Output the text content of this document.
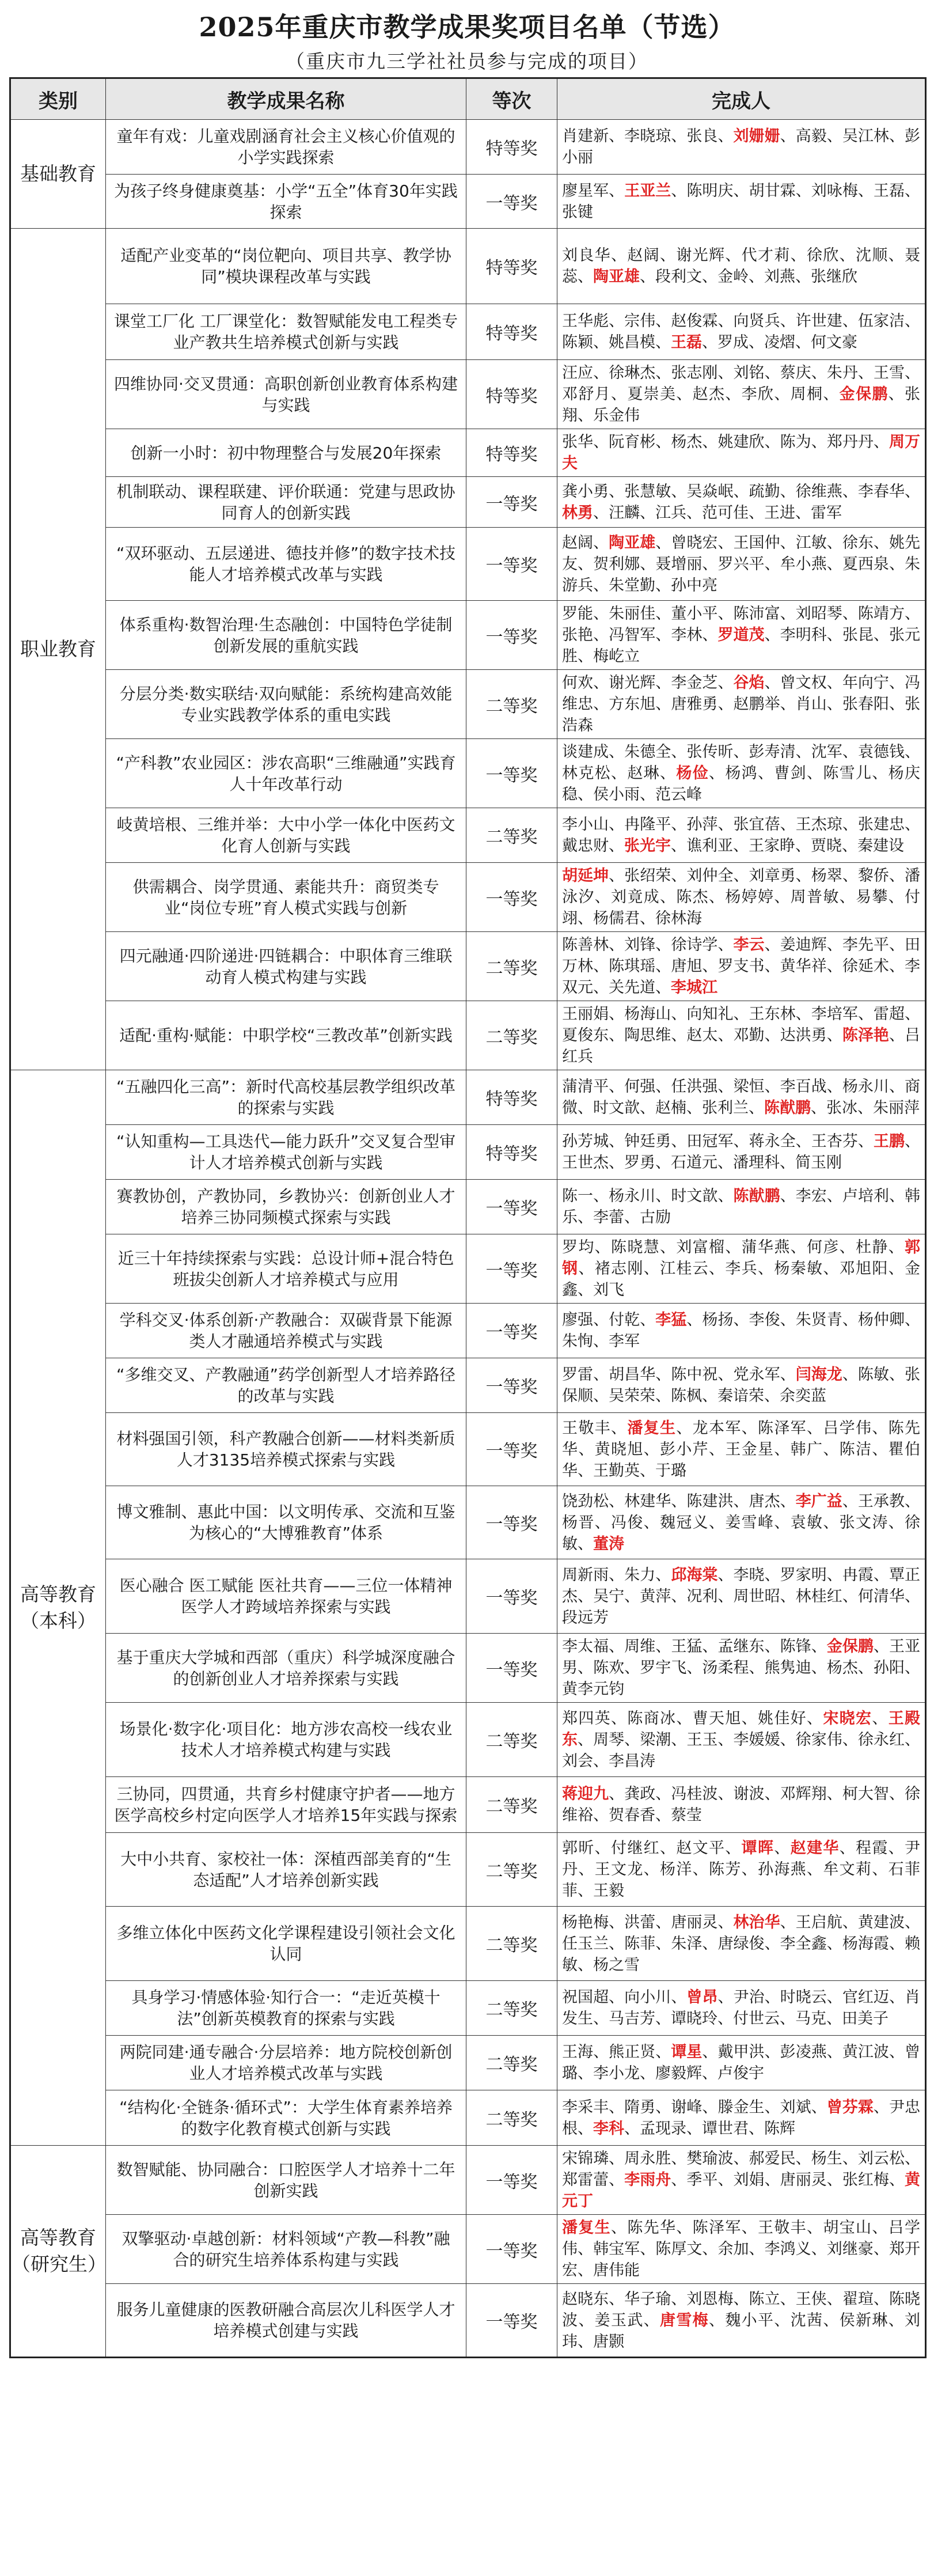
2025年重庆市教学成果奖项目名单（节选）
（重庆市九三学社社员参与完成的项目）
类别	教学成果名称	等次	完成人
基础教育	童年有戏：儿童戏剧涵育社会主义核心价值观的小学实践探索	特等奖	肖建新、李晓琼、张良、刘姗姗、高毅、吴江林、彭小丽
	为孩子终身健康奠基：小学“五全”体育30年实践探索	一等奖	廖星军、王亚兰、陈明庆、胡甘霖、刘咏梅、王磊、张键
职业教育	适配产业变革的“岗位靶向、项目共享、教学协同”模块课程改革与实践	特等奖	刘良华、赵阔、谢光辉、代才莉、徐欣、沈顺、聂蕊、陶亚雄、段利文、金岭、刘燕、张继欣
	课堂工厂化 工厂课堂化：数智赋能发电工程类专业产教共生培养模式创新与实践	特等奖	王华彪、宗伟、赵俊霖、向贤兵、许世建、伍家洁、陈颖、姚昌模、王磊、罗成、凌熠、何文豪
	四维协同·交叉贯通：高职创新创业教育体系构建与实践	特等奖	汪应、徐琳杰、张志刚、刘铭、蔡庆、朱丹、王雪、邓舒月、夏崇美、赵杰、李欣、周桐、金保鹏、张翔、乐金伟
	创新一小时：初中物理整合与发展20年探索	特等奖	张华、阮育彬、杨杰、姚建欣、陈为、郑丹丹、周万夫
	机制联动、课程联建、评价联通：党建与思政协同育人的创新实践	一等奖	龚小勇、张慧敏、吴焱岷、疏勤、徐维燕、李春华、林勇、汪麟、江兵、范可佳、王进、雷军
	“双环驱动、五层递进、德技并修”的数字技术技能人才培养模式改革与实践	一等奖	赵阔、陶亚雄、曾晓宏、王国仲、江敏、徐东、姚先友、贺利娜、聂增丽、罗兴平、牟小燕、夏西泉、朱游兵、朱堂勤、孙中亮
	体系重构·数智治理·生态融创：中国特色学徒制创新发展的重航实践	一等奖	罗能、朱丽佳、董小平、陈沛富、刘昭琴、陈靖方、张艳、冯智军、李林、罗道茂、李明科、张昆、张元胜、梅屹立
	分层分类·数实联结·双向赋能：系统构建高效能专业实践教学体系的重电实践	二等奖	何欢、谢光辉、李金芝、谷焰、曾文权、年向宁、冯维忠、方东旭、唐雅勇、赵鹏举、肖山、张春阳、张浩森
	“产科教”农业园区：涉农高职“三维融通”实践育人十年改革行动	一等奖	谈建成、朱德全、张传昕、彭寿清、沈军、袁德钱、林克松、赵琳、杨俭、杨鸿、曹剑、陈雪儿、杨庆稳、侯小雨、范云峰
	岐黄培根、三维并举：大中小学一体化中医药文化育人创新与实践	二等奖	李小山、冉隆平、孙萍、张宜蓓、王杰琼、张建忠、戴忠财、张光宇、谯利亚、王家睁、贾晓、秦建设
	供需耦合、岗学贯通、素能共升：商贸类专业“岗位专班”育人模式实践与创新	一等奖	胡延坤、张绍荣、刘仲全、刘章勇、杨翠、黎侨、潘泳汐、刘竟成、陈杰、杨婷婷、周普敏、易攀、付翊、杨儒君、徐林海
	四元融通·四阶递进·四链耦合：中职体育三维联动育人模式构建与实践	二等奖	陈善林、刘锋、徐诗学、李云、姜迪辉、李先平、田万林、陈琪瑶、唐旭、罗支书、黄华祥、徐延术、李双元、关先道、李城江
	适配·重构·赋能：中职学校“三教改革”创新实践	二等奖	王丽娟、杨海山、向知礼、王东林、李培军、雷超、夏俊东、陶思维、赵太、邓勤、达洪勇、陈泽艳、吕红兵
高等教育（本科）	“五融四化三高”：新时代高校基层教学组织改革的探索与实践	特等奖	蒲清平、何强、任洪强、梁恒、李百战、杨永川、商微、时文歆、赵楠、张利兰、陈猷鹏、张冰、朱丽萍
	“认知重构—工具迭代—能力跃升”交叉复合型审计人才培养模式创新与实践	特等奖	孙芳城、钟廷勇、田冠军、蒋永全、王杏芬、王鹏、王世杰、罗勇、石道元、潘理科、简玉刚
	赛教协创，产教协同，乡教协兴：创新创业人才培养三协同频模式探索与实践	一等奖	陈一、杨永川、时文歆、陈猷鹏、李宏、卢培利、韩乐、李蕾、古励
	近三十年持续探索与实践：总设计师+混合特色班拔尖创新人才培养模式与应用	一等奖	罗均、陈晓慧、刘富榴、蒲华燕、何彦、杜静、郭钢、褚志刚、江桂云、李兵、杨秦敏、邓旭阳、金鑫、刘飞
	学科交叉·体系创新·产教融合：双碳背景下能源类人才融通培养模式与实践	一等奖	廖强、付乾、李猛、杨扬、李俊、朱贤青、杨仲卿、朱恂、李军
	“多维交叉、产教融通”药学创新型人才培养路径的改革与实践	一等奖	罗雷、胡昌华、陈中祝、党永军、闫海龙、陈敏、张保顺、吴荣荣、陈枫、秦谙荣、余奕蓝
	材料强国引领，科产教融合创新——材料类新质人才3135培养模式探索与实践	一等奖	王敬丰、潘复生、龙本军、陈泽军、吕学伟、陈先华、黄晓旭、彭小芹、王金星、韩广、陈洁、瞿伯华、王勤英、于璐
	博文雅制、惠此中国：以文明传承、交流和互鉴为核心的“大博雅教育”体系	一等奖	饶劲松、林建华、陈建洪、唐杰、李广益、王承教、杨晋、冯俊、魏冠义、姜雪峰、袁敏、张文涛、徐敏、董涛
	医心融合 医工赋能 医社共育——三位一体精神医学人才跨域培养探索与实践	一等奖	周新雨、朱力、邱海棠、李晓、罗家明、冉霞、覃正杰、吴宁、黄萍、况利、周世昭、林桂红、何清华、段远芳
	基于重庆大学城和西部（重庆）科学城深度融合的创新创业人才培养探索与实践	一等奖	李太福、周维、王猛、孟继东、陈锋、金保鹏、王亚男、陈欢、罗宇飞、汤柔程、熊隽迪、杨杰、孙阳、黄李元钧
	场景化·数字化·项目化：地方涉农高校一线农业技术人才培养模式构建与实践	二等奖	郑四英、陈商冰、曹天旭、姚佳好、宋晓宏、王殿东、周琴、梁潮、王玉、李媛媛、徐家伟、徐永红、刘会、李昌涛
	三协同，四贯通，共育乡村健康守护者——地方医学高校乡村定向医学人才培养15年实践与探索	二等奖	蒋迎九、龚政、冯桂波、谢波、邓辉翔、柯大智、徐维裕、贺春香、蔡莹
	大中小共育、家校社一体：深植西部美育的“生态适配”人才培养创新实践	二等奖	郭昕、付继红、赵文平、谭晖、赵建华、程霞、尹丹、王文龙、杨洋、陈芳、孙海燕、牟文莉、石菲菲、王毅
	多维立体化中医药文化学课程建设引领社会文化认同	二等奖	杨艳梅、洪蕾、唐丽灵、林治华、王启航、黄建波、任玉兰、陈菲、朱泽、唐绿俊、李全鑫、杨海霞、赖敏、杨之雪
	具身学习·情感体验·知行合一：“走近英模十法”创新英模教育的探索与实践	二等奖	祝国超、向小川、曾昂、尹治、时晓云、官红迈、肖发生、马吉芳、谭晓玲、付世云、马克、田美子
	两院同建·通专融合·分层培养：地方院校创新创业人才培养模式改革与实践	二等奖	王海、熊正贤、谭星、戴甲洪、彭凌燕、黄江波、曾璐、李小龙、廖毅辉、卢俊宇
	“结构化·全链条·循环式”：大学生体育素养培养的数字化教育模式创新与实践	二等奖	李采丰、隋勇、谢峰、滕金生、刘斌、曾芬霖、尹忠根、李科、孟现录、谭世君、陈辉
高等教育（研究生）	数智赋能、协同融合：口腔医学人才培养十二年创新实践	一等奖	宋锦璘、周永胜、樊瑜波、郝爱民、杨生、刘云松、郑雷蕾、李雨舟、季平、刘娟、唐丽灵、张红梅、黄元丁
	双擎驱动·卓越创新：材料领域“产教—科教”融合的研究生培养体系构建与实践	一等奖	潘复生、陈先华、陈泽军、王敬丰、胡宝山、吕学伟、韩宝军、陈厚文、余加、李鸿义、刘继豪、郑开宏、唐伟能
	服务儿童健康的医教研融合高层次儿科医学人才培养模式创建与实践	一等奖	赵晓东、华子瑜、刘恩梅、陈立、王侠、翟瑄、陈晓波、姜玉武、唐雪梅、魏小平、沈茜、侯新琳、刘玮、唐颢
